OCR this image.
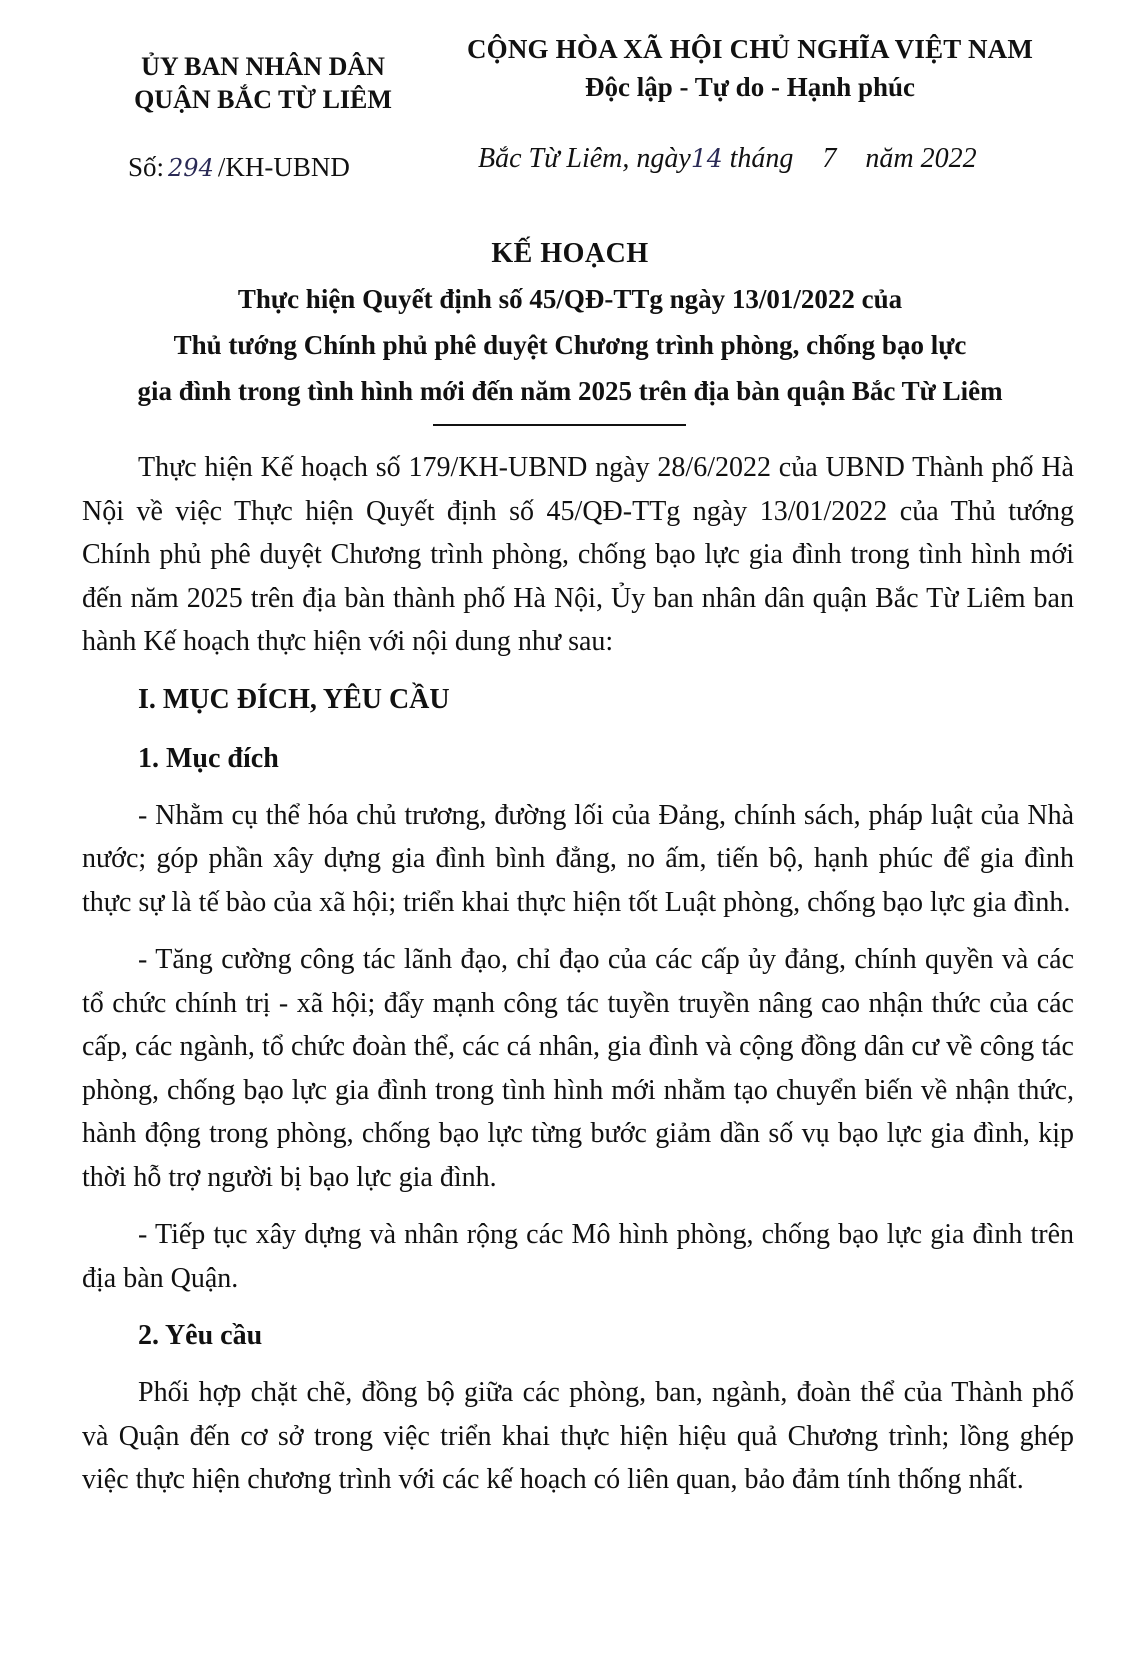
ỦY BAN NHÂN DÂN
QUẬN BẮC TỪ LIÊM
CỘNG HÒA XÃ HỘI CHỦ NGHĨA VIỆT NAM
Độc lập - Tự do - Hạnh phúc
Số: 294 /KH-UBND	Bắc Từ Liêm, ngày14 tháng 7 năm 2022
KẾ HOẠCH
Thực hiện Quyết định số 45/QĐ-TTg ngày 13/01/2022 của
Thủ tướng Chính phủ phê duyệt Chương trình phòng, chống bạo lực
gia đình trong tình hình mới đến năm 2025 trên địa bàn quận Bắc Từ Liêm

Thực hiện Kế hoạch số 179/KH-UBND ngày 28/6/2022 của UBND Thành phố Hà Nội về việc Thực hiện Quyết định số 45/QĐ-TTg ngày 13/01/2022 của Thủ tướng Chính phủ phê duyệt Chương trình phòng, chống bạo lực gia đình trong tình hình mới đến năm 2025 trên địa bàn thành phố Hà Nội, Ủy ban nhân dân quận Bắc Từ Liêm ban hành Kế hoạch thực hiện với nội dung như sau:

I. MỤC ĐÍCH, YÊU CẦU

1. Mục đích

- Nhằm cụ thể hóa chủ trương, đường lối của Đảng, chính sách, pháp luật của Nhà nước; góp phần xây dựng gia đình bình đẳng, no ấm, tiến bộ, hạnh phúc để gia đình thực sự là tế bào của xã hội; triển khai thực hiện tốt Luật phòng, chống bạo lực gia đình.

- Tăng cường công tác lãnh đạo, chỉ đạo của các cấp ủy đảng, chính quyền và các tổ chức chính trị - xã hội; đẩy mạnh công tác tuyền truyền nâng cao nhận thức của các cấp, các ngành, tổ chức đoàn thể, các cá nhân, gia đình và cộng đồng dân cư về công tác phòng, chống bạo lực gia đình trong tình hình mới nhằm tạo chuyển biến về nhận thức, hành động trong phòng, chống bạo lực từng bước giảm dần số vụ bạo lực gia đình, kịp thời hỗ trợ người bị bạo lực gia đình.

- Tiếp tục xây dựng và nhân rộng các Mô hình phòng, chống bạo lực gia đình trên địa bàn Quận.

2. Yêu cầu

Phối hợp chặt chẽ, đồng bộ giữa các phòng, ban, ngành, đoàn thể của Thành phố và Quận đến cơ sở trong việc triển khai thực hiện hiệu quả Chương trình; lồng ghép việc thực hiện chương trình với các kế hoạch có liên quan, bảo đảm tính thống nhất.
